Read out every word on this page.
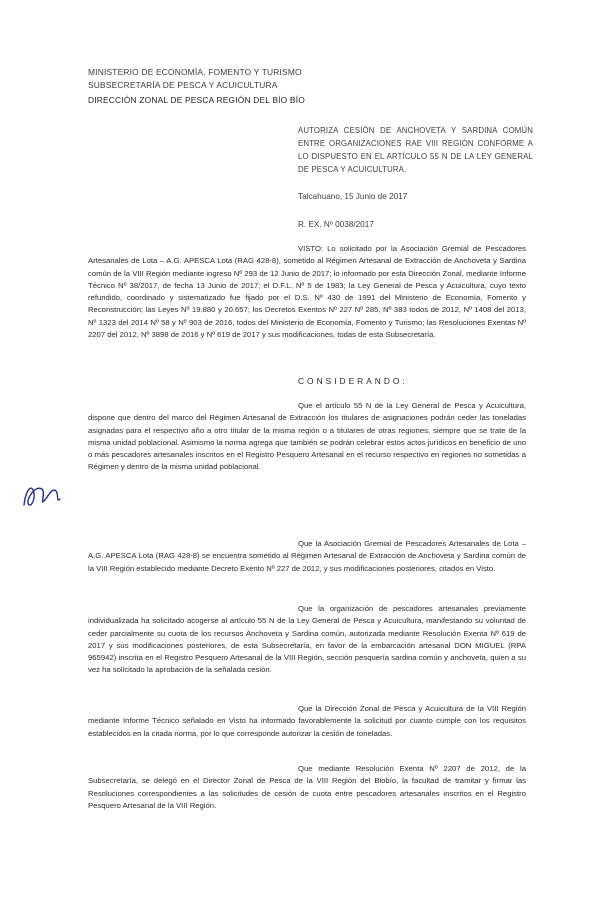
MINISTERIO DE ECONOMÍA, FOMENTO Y TURISMO
SUBSECRETARÍA DE PESCA Y ACUICULTURA
DIRECCIÓN ZONAL DE PESCA REGIÓN DEL BÍO BÍO
AUTORIZA CESIÓN DE ANCHOVETA Y SARDINA COMÚN ENTRE ORGANIZACIONES RAE VIII REGIÓN CONFORME A LO DISPUESTO EN EL ARTÍCULO 55 N DE LA LEY GENERAL DE PESCA Y ACUICULTURA.
Talcahuano, 15 Junio de 2017
R. EX. Nº 0038/2017
VISTO: Lo solicitado por la Asociación Gremial de Pescadores Artesanales de Lota – A.G. APESCA Lota (RAG 428-8), sometido al Régimen Artesanal de Extracción de Anchoveta y Sardina común de la VIII Región mediante ingreso Nº 293 de 12 Junio de 2017; lo informado por esta Dirección Zonal, mediante Informe Técnico Nº 38/2017, de fecha 13 Junio de 2017; el D.F.L. Nº 5 de 1983; la Ley General de Pesca y Acuicultura, cuyo texto refundido, coordinado y sistematizado fue fijado por el D.S. Nº 430 de 1991 del Ministerio de Economía, Fomento y Reconstrucción; las Leyes Nº 19.880 y 20.657; los Decretos Exentos Nº 227 Nº 285, Nº 383 todos de 2012, Nº 1408 del 2013, Nº 1323 del 2014 Nº 58 y Nº 903 de 2016, todos del Ministerio de Economía, Fomento y Turismo; las Resoluciones Exentas Nº 2207 del 2012, Nº 3898 de 2016 y Nº 619 de 2017 y sus modificaciones, todas de esta Subsecretaría.
CONSIDERANDO:
Que el artículo 55 N de la Ley General de Pesca y Acuicultura, dispone que dentro del marco del Régimen Artesanal de Extracción los titulares de asignaciones podrán ceder las toneladas asignadas para el respectivo año a otro titular de la misma región o a titulares de otras regiones, siempre que se trate de la misma unidad poblacional. Asimismo la norma agrega que también se podrán celebrar estos actos jurídicos en beneficio de uno o más pescadores artesanales inscritos en el Registro Pesquero Artesanal en el recurso respectivo en regiones no sometidas a Régimen y dentro de la misma unidad poblacional.
Que la Asociación Gremial de Pescadores Artesanales de Lota – A.G. APESCA Lota (RAG 428-8) se encuentra sometido al Régimen Artesanal de Extracción de Anchoveta y Sardina común de la VIII Región establecido mediante Decreto Exento Nº 227 de 2012, y sus modificaciones posteriores, citados en Visto.
Que la organización de pescadores artesanales previamente individualizada ha solicitado acogerse al artículo 55 N de la Ley General de Pesca y Acuicultura, manifestando su voluntad de ceder parcialmente su cuota de los recursos Anchoveta y Sardina común, autorizada mediante Resolución Exenta Nº 619 de 2017 y sus modificaciones posteriores, de esta Subsecretaría, en favor de la embarcación artesanal DON MIGUEL (RPA 965942) inscrita en el Registro Pesquero Artesanal de la VIII Región, sección pesquería sardina común y anchoveta, quien a su vez ha solicitado la aprobación de la señalada cesión.
Que la Dirección Zonal de Pesca y Acuicultura de la VIII Región mediante Informe Técnico señalado en Visto ha informado favorablemente la solicitud por cuanto cumple con los requisitos establecidos en la citada norma, por lo que corresponde autorizar la cesión de toneladas.
Que mediante Resolución Exenta Nº 2207 de 2012, de la Subsecretaría, se delegó en el Director Zonal de Pesca de la VIII Región del Biobío, la facultad de tramitar y firmar las Resoluciones correspondientes a las solicitudes de cesión de cuota entre pescadores artesanales inscritos en el Registro Pesquero Artesanal de la VIII Región.
